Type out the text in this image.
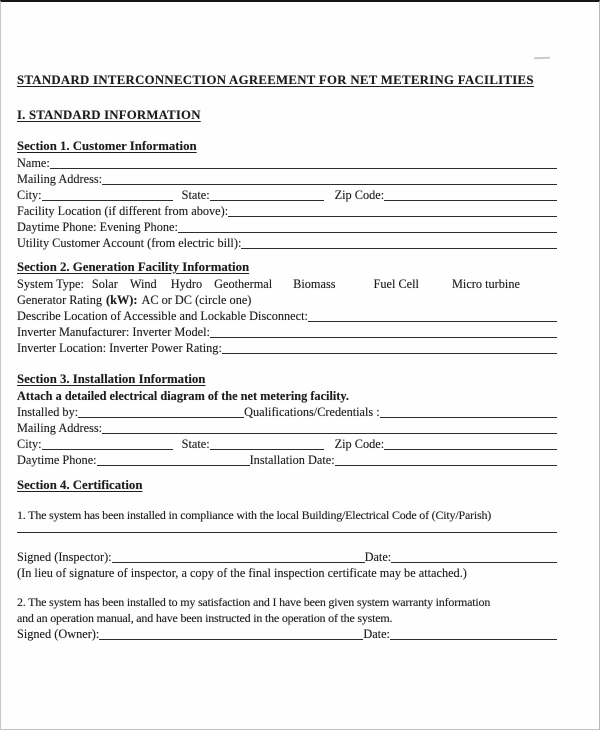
STANDARD INTERCONNECTION AGREEMENT FOR NET METERING FACILITIES
I. STANDARD INFORMATION
Section 1. Customer Information
Name:
Mailing Address:
City:	State:	Zip Code:
Facility Location (if different from above):
Daytime Phone: Evening Phone:
Utility Customer Account (from electric bill):
Section 2. Generation Facility Information
System Type: Solar Wind Hydro Geothermal Biomass	Fuel Cell	Micro turbine
Generator Rating (kW): AC or DC (circle one)
Describe Location of Accessible and Lockable Disconnect:
Inverter Manufacturer: Inverter Model:
Inverter Location: Inverter Power Rating:
Section 3. Installation Information
Attach a detailed electrical diagram of the net metering facility.
Installed by:	Qualifications/Credentials :
Mailing Address:
City:	State:	Zip Code:
Daytime Phone:	Installation Date:
Section 4. Certification
1. The system has been installed in compliance with the local Building/Electrical Code of (City/Parish)
Signed (Inspector):	Date:
(In lieu of signature of inspector, a copy of the final inspection certificate may be attached.)
2. The system has been installed to my satisfaction and I have been given system warranty information
and an operation manual, and have been instructed in the operation of the system.
Signed (Owner):	Date:
